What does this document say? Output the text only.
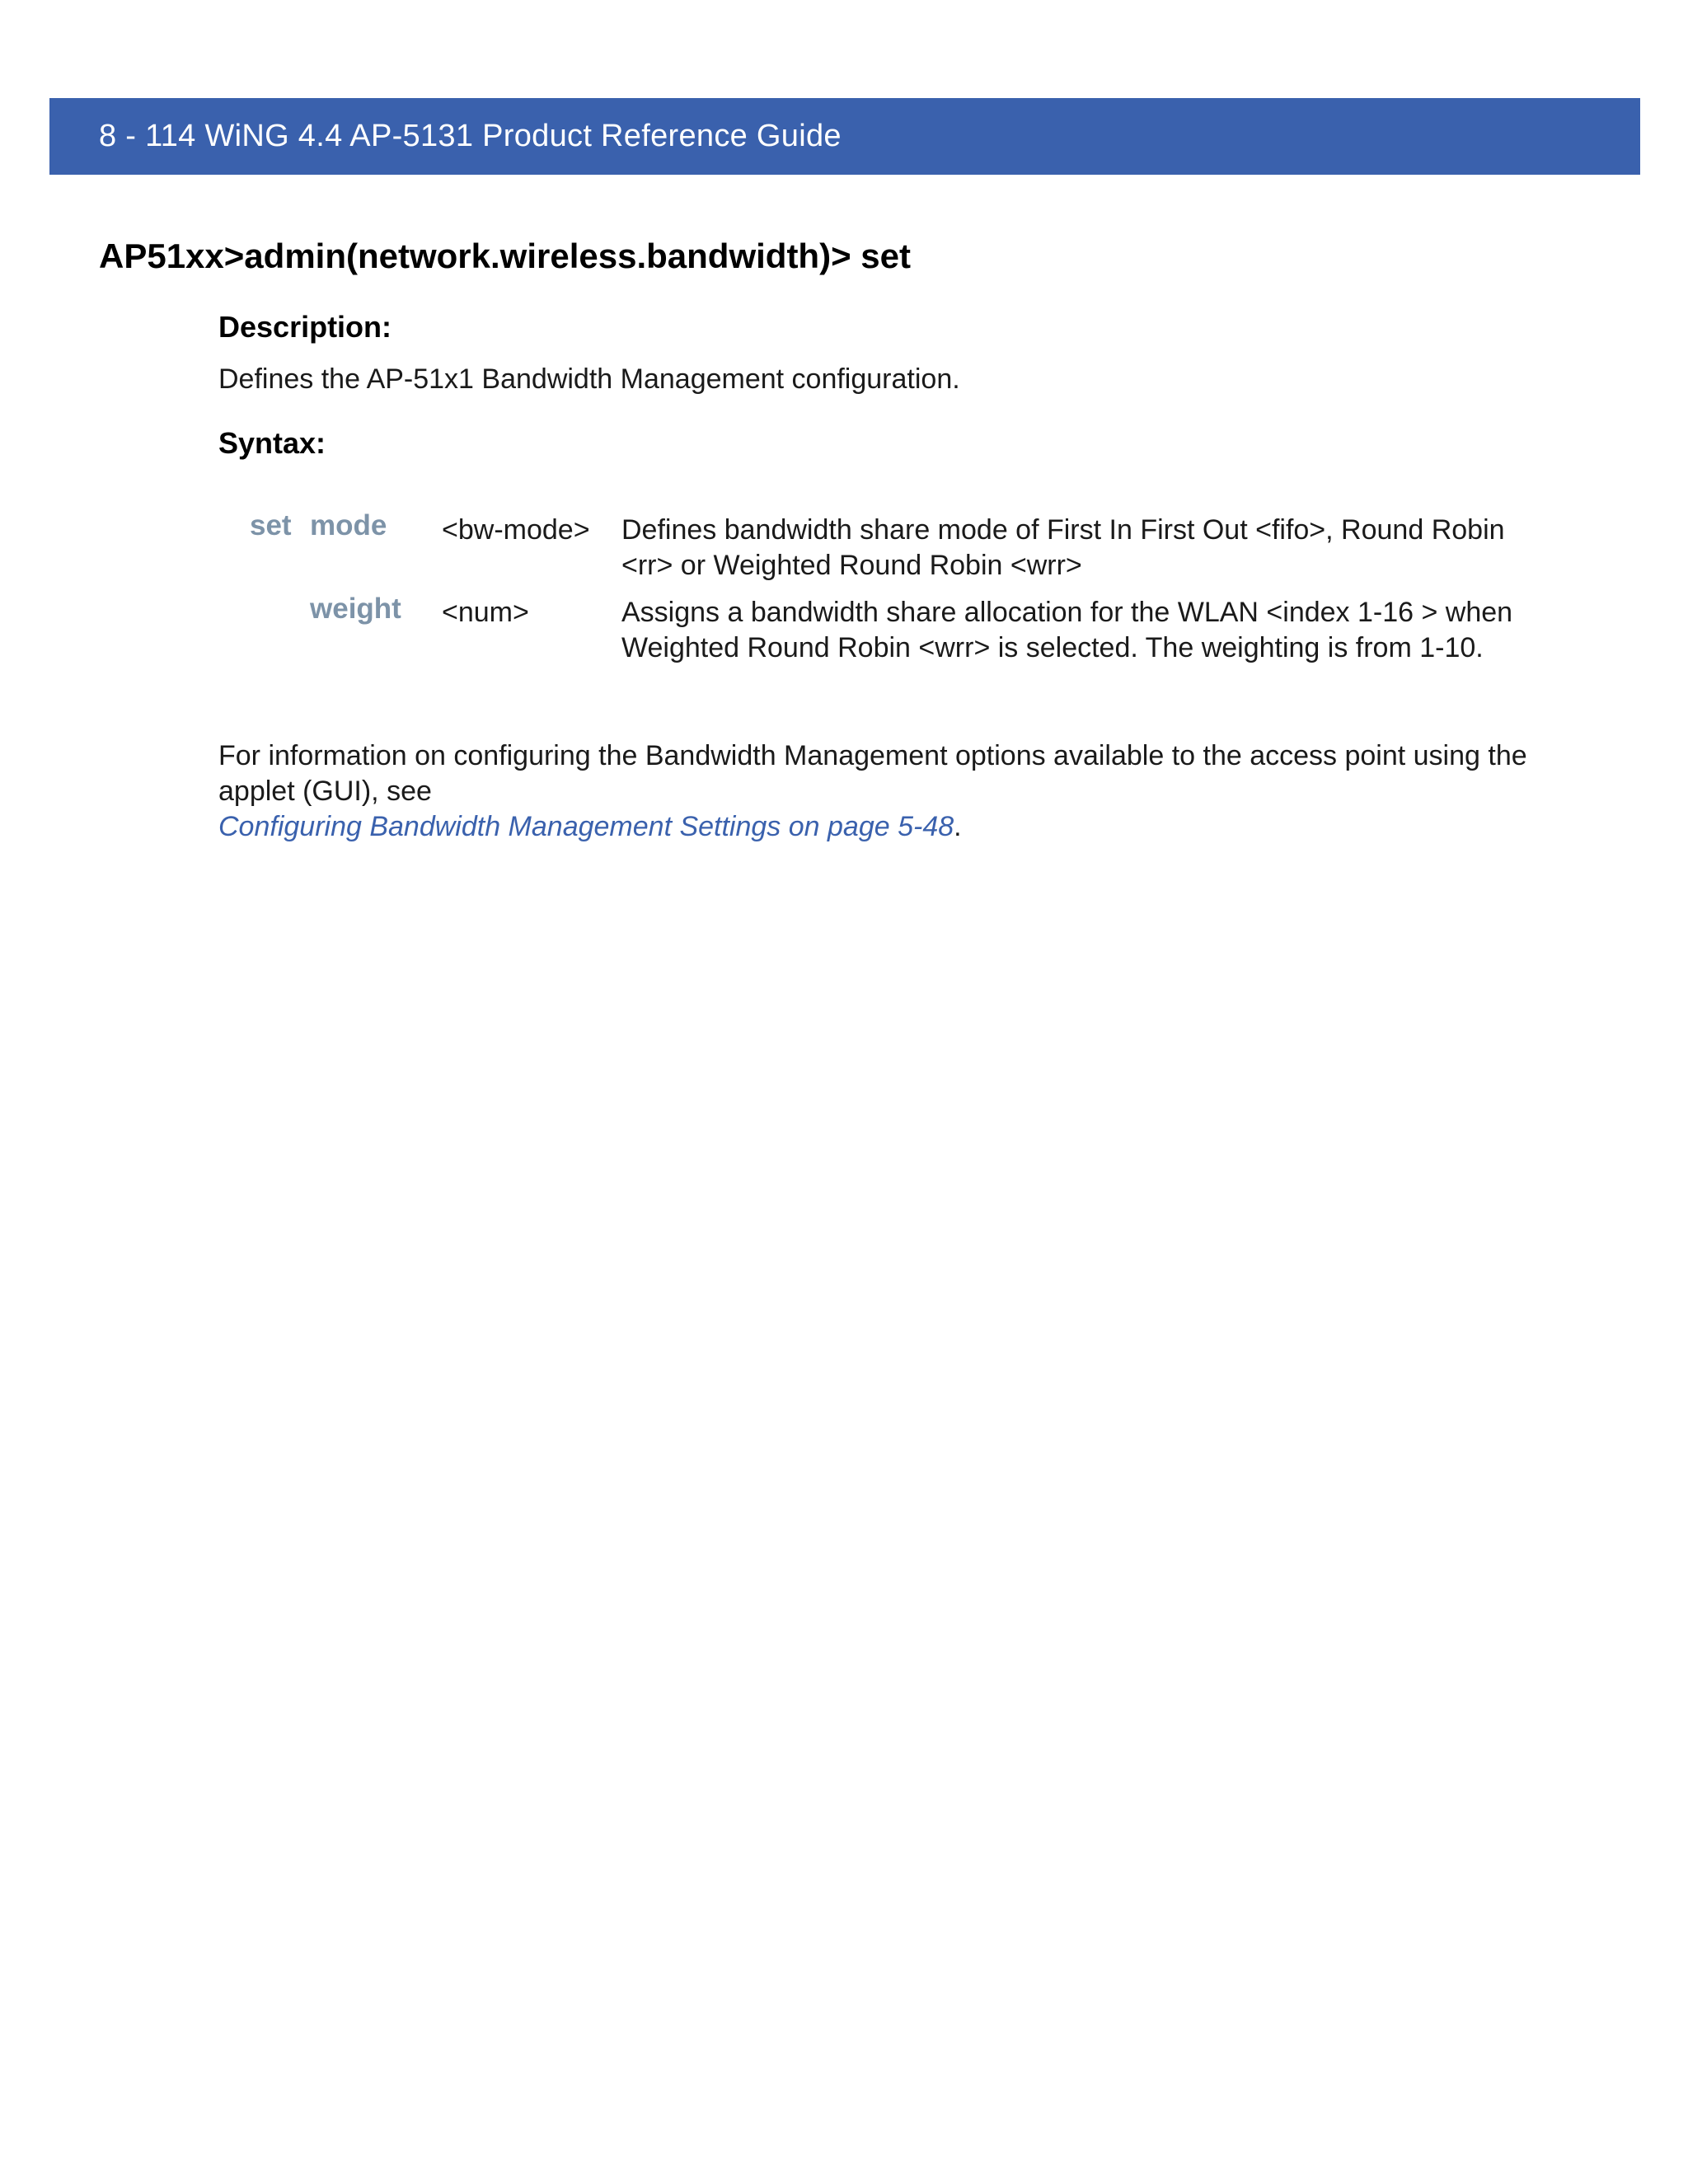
8 - 114 WiNG 4.4 AP-5131 Product Reference Guide
AP51xx>admin(network.wireless.bandwidth)> set
Description:
Defines the AP-51x1 Bandwidth Management configuration.
Syntax:
set mode <bw-mode> Defines bandwidth share mode of First In First Out <fifo>, Round Robin <rr> or Weighted Round Robin <wrr>
weight <num>	Assigns a bandwidth share allocation for the WLAN <index 1-16 > when Weighted Round Robin <wrr> is selected. The weighting is from 1-10.
For information on configuring the Bandwidth Management options available to the access point using the applet (GUI), see
Configuring Bandwidth Management Settings on page 5-48.
